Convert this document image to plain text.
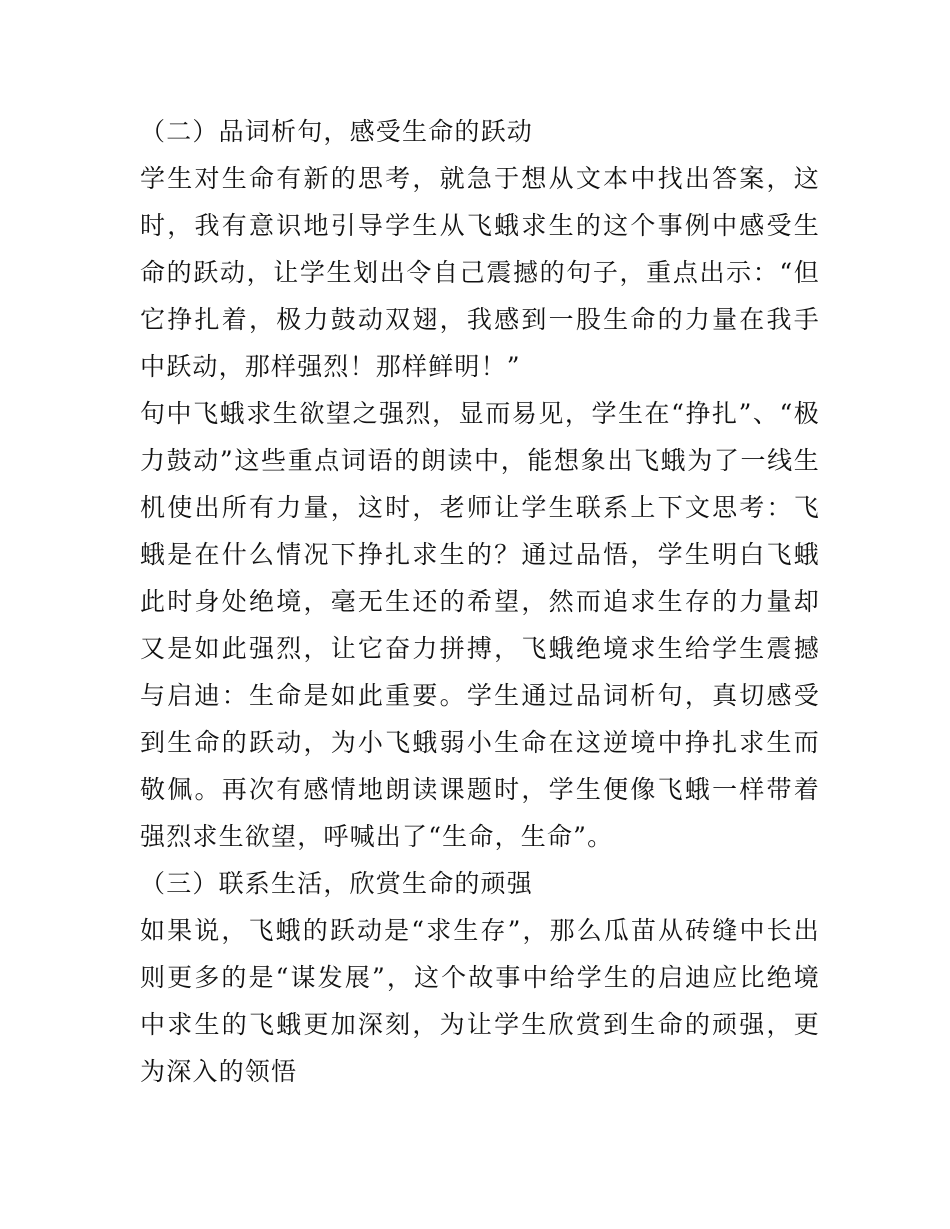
（二）品词析句，感受生命的跃动

学生对生命有新的思考，就急于想从文本中找出答案，这时，我有意识地引导学生从飞蛾求生的这个事例中感受生命的跃动，让学生划出令自己震撼的句子，重点出示：“但它挣扎着，极力鼓动双翅，我感到一股生命的力量在我手中跃动，那样强烈！那样鲜明！”

句中飞蛾求生欲望之强烈，显而易见，学生在“挣扎”、“极力鼓动”这些重点词语的朗读中，能想象出飞蛾为了一线生机使出所有力量，这时，老师让学生联系上下文思考：飞蛾是在什么情况下挣扎求生的？通过品悟，学生明白飞蛾此时身处绝境，毫无生还的希望，然而追求生存的力量却又是如此强烈，让它奋力拼搏，飞蛾绝境求生给学生震撼与启迪：生命是如此重要。学生通过品词析句，真切感受到生命的跃动，为小飞蛾弱小生命在这逆境中挣扎求生而敬佩。再次有感情地朗读课题时，学生便像飞蛾一样带着强烈求生欲望，呼喊出了“生命，生命”。

（三）联系生活，欣赏生命的顽强

如果说，飞蛾的跃动是“求生存”，那么瓜苗从砖缝中长出则更多的是“谋发展”，这个故事中给学生的启迪应比绝境中求生的飞蛾更加深刻，为让学生欣赏到生命的顽强，更为深入的领悟
